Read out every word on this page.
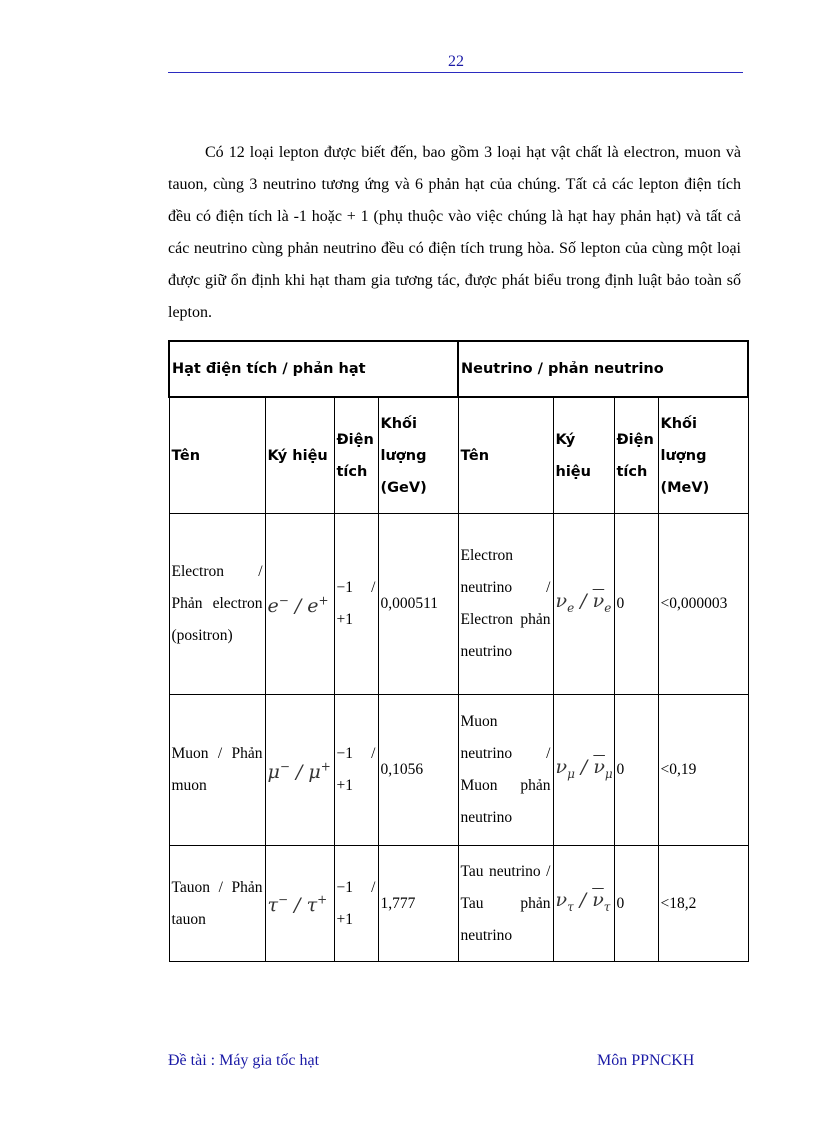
22

Có 12 loại lepton được biết đến, bao gồm 3 loại hạt vật chất là electron, muon và tauon, cùng 3 neutrino tương ứng và 6 phản hạt của chúng. Tất cả các lepton điện tích đều có điện tích là -1 hoặc + 1 (phụ thuộc vào việc chúng là hạt hay phản hạt) và tất cả các neutrino cùng phản neutrino đều có điện tích trung hòa. Số lepton của cùng một loại được giữ ổn định khi hạt tham gia tương tác, được phát biểu trong định luật bảo toàn số lepton.

Hạt điện tích / phản hạt				Neutrino / phản neutrino			
Tên	Ký hiệu	Điện tích	Khối lượng (GeV)	Tên	Ký hiệu	Điện tích	Khối lượng (MeV)
Electron / Phản electron (positron)	e− / e+	−1 / +1	0,000511	Electron neutrino / Electron phản neutrino	$\nu_e / \overline{\nu}_e$	0	<0,000003
Muon / Phản muon	μ− / μ+	−1 / +1	0,1056	Muon neutrino / Muon phản neutrino	$\nu_\mu / \overline{\nu}_\mu$	0	<0,19
Tauon / Phản tauon	τ− / τ+	−1 / +1	1,777	Tau neutrino / Tau phản neutrino	$\nu_\tau / \overline{\nu}_\tau$	0	<18,2
Đề tài : Máy gia tốc hạt	Môn PPNCKH
